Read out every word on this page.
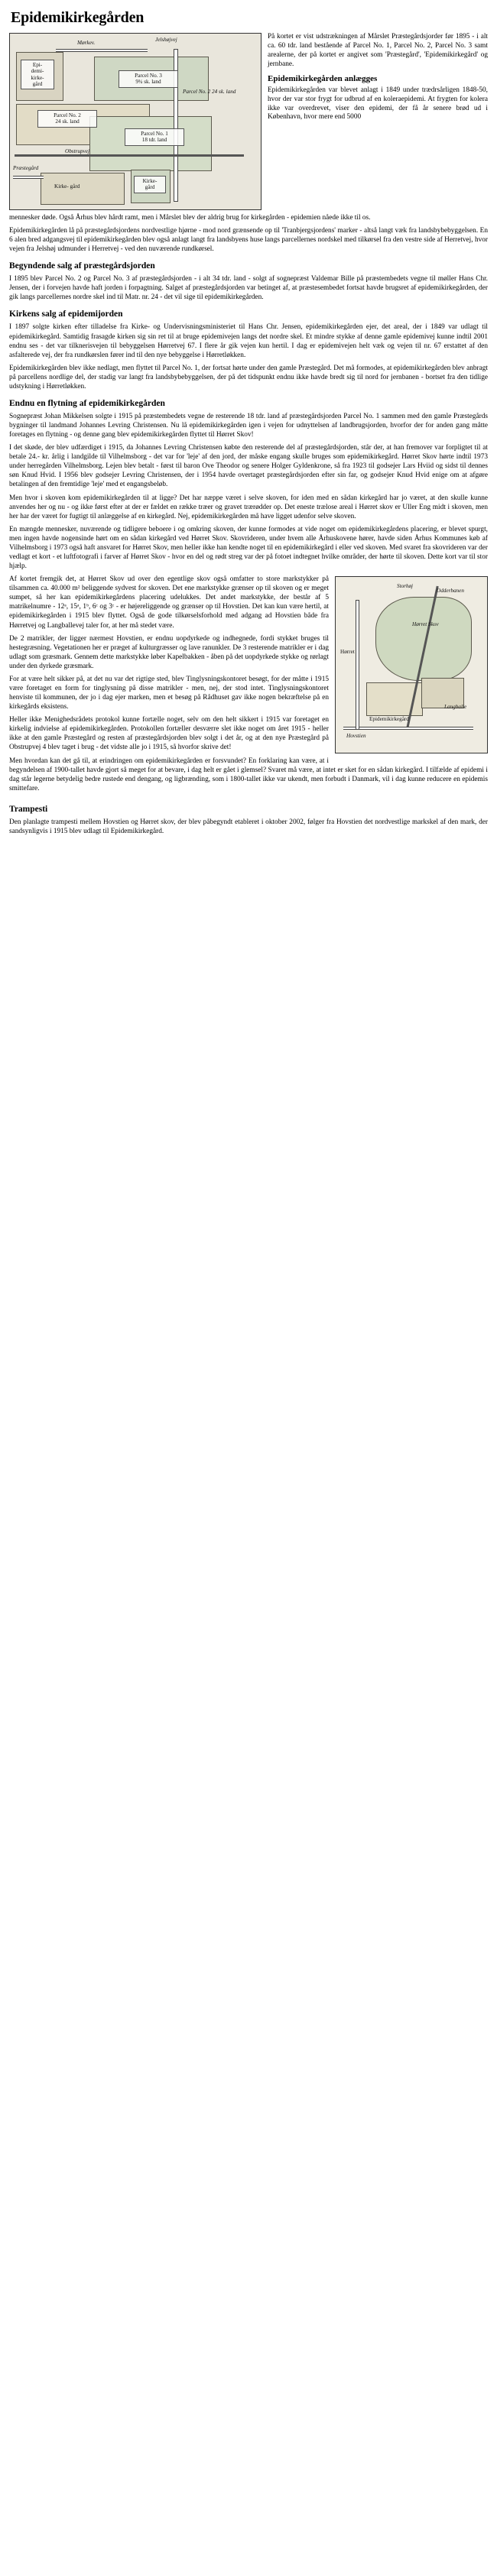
Epidemikirkegården
Mørkev.	Jelshøjvej
Epi-
demi-
kirke-
gård
Parcel No. 3
9¾ sk. land
Parcel No. 2 24 sk. land
Parcel No. 2
24 sk. land
Parcel No. 1
18 tdr. land
Obstrupvej
Præstegård
Kirke- gård
Kirke-
gård

På kortet er vist udstrækningen af Mårslet Præstegårdsjorder før 1895 - i alt ca. 60 tdr. land bestående af Parcel No. 1, Parcel No. 2, Parcel No. 3 samt arealerne, der på kortet er angivet som 'Præstegård', 'Epidemikirkegård' og jernbane.

Epidemikirkegården anlægges

Epidemikirkegården var blevet anlagt i 1849 under trædrsårligen 1848-50, hvor der var stor frygt for udbrud af en koleraepidemi. At frygten for kolera ikke var overdrevet, viser den epidemi, der få år senere brød ud i København, hvor mere end 5000

mennesker døde. Også Århus blev hårdt ramt, men i Mårslet blev der aldrig brug for kirkegården - epidemien nåede ikke til os.

Epidemikirkegården lå på præstegårdsjordens nordvestlige hjørne - mod nord grænsende op til 'Tranbjergsjordens' marker - altså langt væk fra landsbybebyggelsen. En 6 alen bred adgangsvej til epidemikirkegården blev også anlagt langt fra landsbyens huse langs parcellernes nordskel med tilkørsel fra den vestre side af Herretvej, hvor vejen fra Jelshøj udmunder i Herretvej - ved den nuværende rundkørsel.

Begyndende salg af præstegårdsjorden

I 1895 blev Parcel No. 2 og Parcel No. 3 af præstegårdsjorden - i alt 34 tdr. land - solgt af sognepræst Valdemar Bille på præstembedets vegne til møller Hans Chr. Jensen, der i forvejen havde haft jorden i forpagtning. Salget af præstegårdsjorden var betinget af, at præstesembedet fortsat havde brugsret af epidemikirkegården, der gik langs parcellernes nordre skel ind til Matr. nr. 24 - det vil sige til epidemikirkegården.

Kirkens salg af epidemijorden

I 1897 solgte kirken efter tilladelse fra Kirke- og Undervisningsministeriet til Hans Chr. Jensen, epidemikirkegården ejer, det areal, der i 1849 var udlagt til epidemikirkegård. Samtidig frasagde kirken sig sin ret til at bruge epidemivejen langs det nordre skel. Et mindre stykke af denne gamle epidemivej kunne indtil 2001 endnu ses - det var tilknerisvejen til bebyggelsen Hørretvej 67. I flere år gik vejen kun hertil. I dag er epidemivejen helt væk og vejen til nr. 67 erstattet af den asfalterede vej, der fra rundkørslen fører ind til den nye bebyggelse i Hørretløkken.

Epidemikirkegården blev ikke nedlagt, men flyttet til Parcel No. 1, der fortsat hørte under den gamle Præstegård. Det må formodes, at epidemikirkegården blev anbragt på parcellens nordlige del, der stadig var langt fra landsbybebyggelsen, der på det tidspunkt endnu ikke havde bredt sig til nord for jernbanen - bortset fra den tidlige udstykning i Hørretløkken.

Endnu en flytning af epidemikirkegården

Sognepræst Johan Mikkelsen solgte i 1915 på præstembedets vegne de resterende 18 tdr. land af præstegårdsjorden Parcel No. 1 sammen med den gamle Præstegårds bygninger til landmand Johannes Levring Christensen. Nu lå epidemikirkegården igen i vejen for udnyttelsen af landbrugsjorden, hvorfor der for anden gang måtte foretages en flytning - og denne gang blev epidemikirkegården flyttet til Hørret Skov!

I det skøde, der blev udfærdiget i 1915, da Johannes Levring Christensen købte den resterende del af præstegårdsjorden, står der, at han fremover var forpligtet til at betale 24.- kr. årlig i landgilde til Vilhelmsborg - det var for 'leje' af den jord, der måske engang skulle bruges som epidemikirkegård. Hørret Skov hørte indtil 1973 under herregården Vilhelmsborg. Lejen blev betalt - først til baron Ove Theodor og senere Holger Gyldenkrone, så fra 1923 til godsejer Lars Hviid og sidst til dennes søn Knud Hvid. I 1956 blev godsejer Levring Christensen, der i 1954 havde overtaget præstegårdsjorden efter sin far, og godsejer Knud Hvid enige om at afgøre betalingen af den fremtidige 'leje' med et engangsbeløb.

Men hvor i skoven kom epidemikirkegården til at ligge? Det har næppe været i selve skoven, for iden med en sådan kirkegård har jo været, at den skulle kunne anvendes her og nu - og ikke først efter at der er fældet en række træer og gravet trærødder op. Det eneste trælose areal i Hørret skov er Uller Eng midt i skoven, men her har der været for fugtigt til anlæggelse af en kirkegård. Nej, epidemikirkegården må have ligget udenfor selve skoven.

En mængde mennesker, nuværende og tidligere beboere i og omkring skoven, der kunne formodes at vide noget om epidemikirkegårdens placering, er blevet spurgt, men ingen havde nogensinde hørt om en sådan kirkegård ved Hørret Skov. Skovrideren, under hvem alle Århuskovene hører, havde siden Århus Kommunes køb af Vilhelmsborg i 1973 også haft ansvaret for Hørret Skov, men heller ikke han kendte noget til en epidemikirkegård i eller ved skoven. Med svaret fra skovrideren var der vedlagt et kort - et luftfotografi i farver af Hørret Skov - hvor en del og rødt streg var der på fotoet indtegnet hvilke områder, der hørte til skoven. Dette kort var til stor hjælp.

Storhøj
Odderbanen
Hørret Skov
Hørret
Langballe
Epidemikirkegård
Hovstien

Af kortet fremgik det, at Hørret Skov ud over den egentlige skov også omfatter to store markstykker på tilsammen ca. 40.000 m² beliggende sydvest for skoven. Det ene markstykke grænser op til skoven og er meget sumpet, så her kan epidemikirkegårdens placering udelukkes. Det andet markstykke, der består af 5 matrikelnumre - 12ᵃ, 15ᵃ, 1ᵇ, 6ᶜ og 3ᶜ - er højereliggende og grænser op til Hovstien. Det kan kun være hertil, at epidemikirkegården i 1915 blev flyttet. Også de gode tilkørselsforhold med adgang ad Hovstien både fra Hørretvej og Langballevej taler for, at her må stedet være.

De 2 matrikler, der ligger nærmest Hovstien, er endnu uopdyrkede og indhegnede, fordi stykket bruges til hestegræsning. Vegetationen her er præget af kulturgræsser og lave ranunkler. De 3 resterende matrikler er i dag udlagt som græsmark. Gennem dette markstykke løber Kapelbakken - åben på det uopdyrkede stykke og rørlagt under den dyrkede græsmark.

For at være helt sikker på, at det nu var det rigtige sted, blev Tinglysningskontoret besøgt, for der måtte i 1915 være foretaget en form for tinglysning på disse matrikler - men, nej, der stod intet. Tinglysningskontoret henviste til kommunen, der jo i dag ejer marken, men et besøg på Rådhuset gav ikke nogen bekræftelse på en kirkegårds eksistens.

Heller ikke Menighedsrådets protokol kunne fortælle noget, selv om den helt sikkert i 1915 var foretaget en kirkelig indvielse af epidemikirkegården. Protokollen fortæller desværre slet ikke noget om året 1915 - heller ikke at den gamle Præstegård og resten af præstegårdsjorden blev solgt i det år, og at den nye Præstegård på Obstrupvej 4 blev taget i brug - det vidste alle jo i 1915, så hvorfor skrive det!

Men hvordan kan det gå til, at erindringen om epidemikirkegården er forsvundet? En forklaring kan være, at i begyndelsen af 1900-tallet havde gjort så meget for at bevare, i dag helt er gået i glemsel? Svaret må være, at intet er sket for en sådan kirkegård. I tilfælde af epidemi i dag står legerne betydelig bedre rustede end dengang, og ligbrænding, som i 1800-tallet ikke var ukendt, men forbudt i Danmark, vil i dag kunne reducere en epidemis smittefare.

Trampesti

Den planlagte trampesti mellem Hovstien og Hørret skov, der blev påbegyndt etableret i oktober 2002, følger fra Hovstien det nordvestlige markskel af den mark, der sandsynligvis i 1915 blev udlagt til Epidemikirkegård.
